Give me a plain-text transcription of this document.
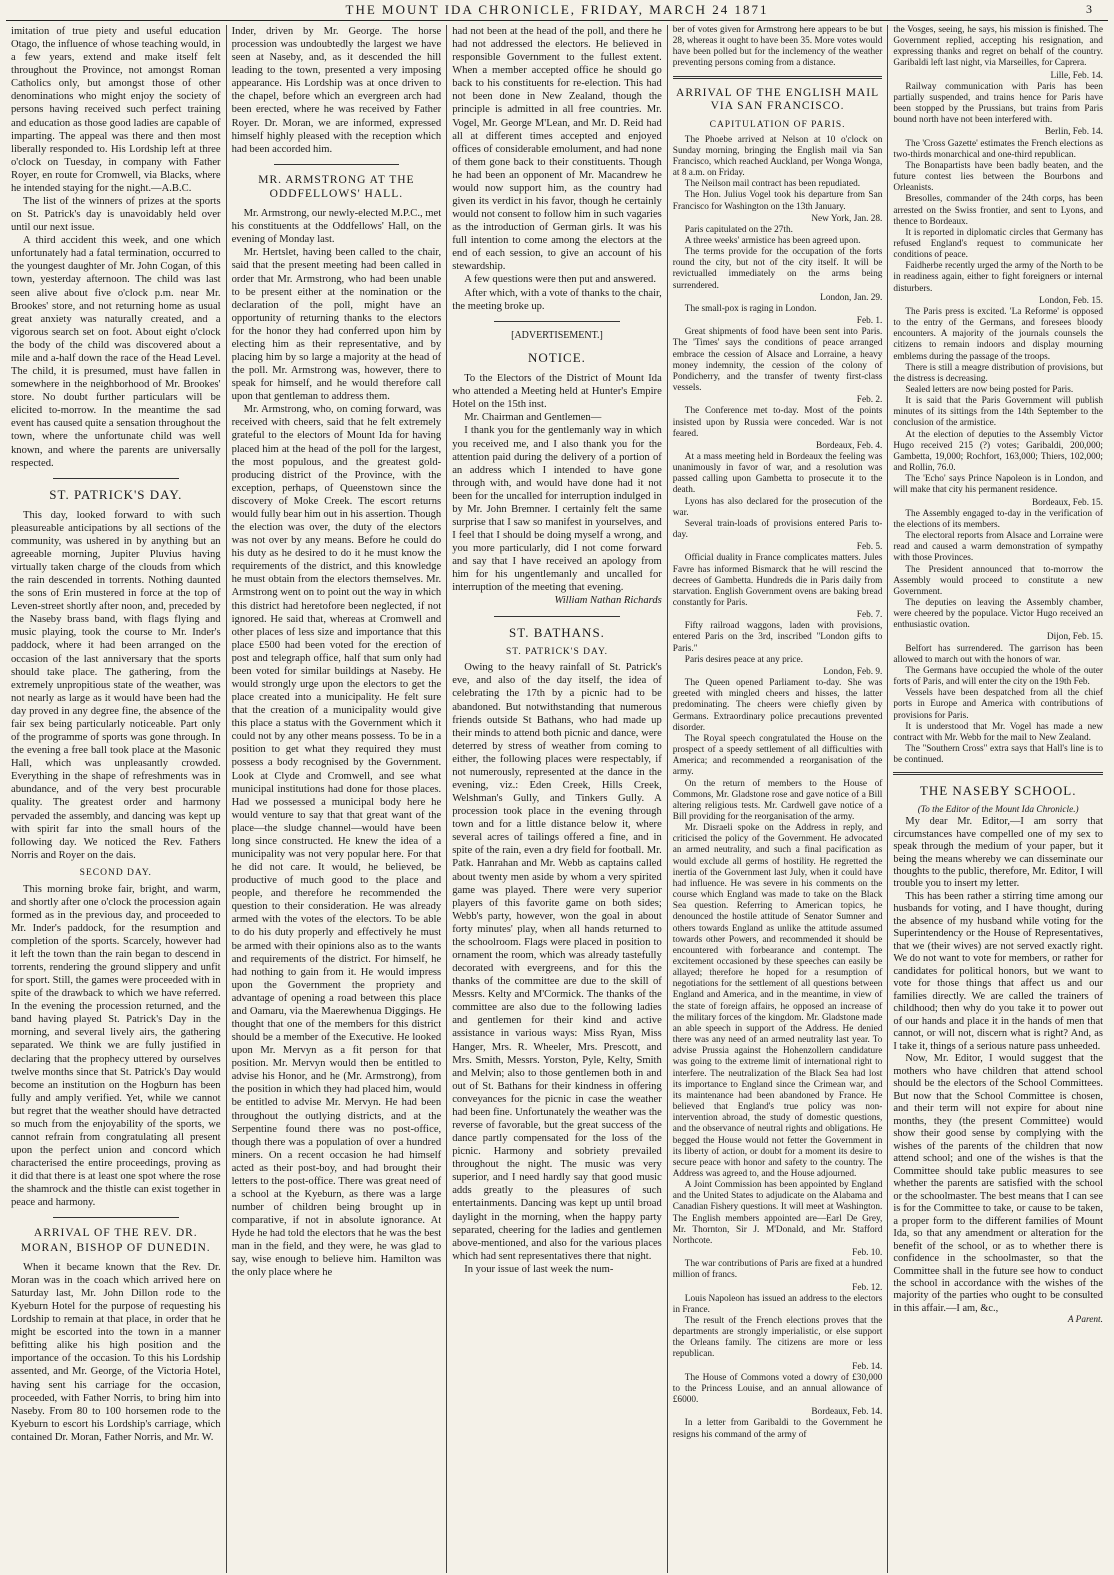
THE MOUNT IDA CHRONICLE, FRIDAY, MARCH 24 1871	3

imitation of true piety and useful education Otago, the influence of whose teaching would, in a few years, extend and make itself felt throughout the Province, not amongst Roman Catholics only, but amongst those of other denominations who might enjoy the society of persons having received such perfect training and education as those good ladies are capable of imparting. The appeal was there and then most liberally responded to. His Lordship left at three o'clock on Tuesday, in company with Father Royer, en route for Cromwell, via Blacks, where he intended staying for the night.—A.B.C.

The list of the winners of prizes at the sports on St. Patrick's day is unavoidably held over until our next issue.

A third accident this week, and one which unfortunately had a fatal termination, occurred to the youngest daughter of Mr. John Cogan, of this town, yesterday afternoon. The child was last seen alive about five o'clock p.m. near Mr. Brookes' store, and not returning home as usual great anxiety was naturally created, and a vigorous search set on foot. About eight o'clock the body of the child was discovered about a mile and a-half down the race of the Head Level. The child, it is presumed, must have fallen in somewhere in the neighborhood of Mr. Brookes' store. No doubt further particulars will be elicited to-morrow. In the meantime the sad event has caused quite a sensation throughout the town, where the unfortunate child was well known, and where the parents are universally respected.

ST. PATRICK'S DAY.

This day, looked forward to with such pleasureable anticipations by all sections of the community, was ushered in by anything but an agreeable morning, Jupiter Pluvius having virtually taken charge of the clouds from which the rain descended in torrents. Nothing daunted the sons of Erin mustered in force at the top of Leven-street shortly after noon, and, preceded by the Naseby brass band, with flags flying and music playing, took the course to Mr. Inder's paddock, where it had been arranged on the occasion of the last anniversary that the sports should take place. The gathering, from the extremely unpropitious state of the weather, was not nearly as large as it would have been had the day proved in any degree fine, the absence of the fair sex being particularly noticeable. Part only of the programme of sports was gone through. In the evening a free ball took place at the Masonic Hall, which was unpleasantly crowded. Everything in the shape of refreshments was in abundance, and of the very best procurable quality. The greatest order and harmony pervaded the assembly, and dancing was kept up with spirit far into the small hours of the following day. We noticed the Rev. Fathers Norris and Royer on the dais.

SECOND DAY.

This morning broke fair, bright, and warm, and shortly after one o'clock the procession again formed as in the previous day, and proceeded to Mr. Inder's paddock, for the resumption and completion of the sports. Scarcely, however had it left the town than the rain began to descend in torrents, rendering the ground slippery and unfit for sport. Still, the games were proceeded with in spite of the drawback to which we have referred. In the evening the procession returned, and the band having played St. Patrick's Day in the morning, and several lively airs, the gathering separated. We think we are fully justified in declaring that the prophecy uttered by ourselves twelve months since that St. Patrick's Day would become an institution on the Hogburn has been fully and amply verified. Yet, while we cannot but regret that the weather should have detracted so much from the enjoyability of the sports, we cannot refrain from congratulating all present upon the perfect union and concord which characterised the entire proceedings, proving as it did that there is at least one spot where the rose the shamrock and the thistle can exist together in peace and harmony.

ARRIVAL OF THE REV. DR. MORAN, BISHOP OF DUNEDIN.

When it became known that the Rev. Dr. Moran was in the coach which arrived here on Saturday last, Mr. John Dillon rode to the Kyeburn Hotel for the purpose of requesting his Lordship to remain at that place, in order that he might be escorted into the town in a manner befitting alike his high position and the importance of the occasion. To this his Lordship assented, and Mr. George, of the Victoria Hotel, having sent his carriage for the occasion, proceeded, with Father Norris, to bring him into Naseby. From 80 to 100 horsemen rode to the Kyeburn to escort his Lordship's carriage, which contained Dr. Moran, Father Norris, and Mr. W.

Inder, driven by Mr. George. The horse procession was undoubtedly the largest we have seen at Naseby, and, as it descended the hill leading to the town, presented a very imposing appearance. His Lordship was at once driven to the chapel, before which an evergreen arch had been erected, where he was received by Father Royer. Dr. Moran, we are informed, expressed himself highly pleased with the reception which had been accorded him.

MR. ARMSTRONG AT THE ODDFELLOWS' HALL.

Mr. Armstrong, our newly-elected M.P.C., met his constituents at the Oddfellows' Hall, on the evening of Monday last.

Mr. Hertslet, having been called to the chair, said that the present meeting had been called in order that Mr. Armstrong, who had been unable to be present either at the nomination or the declaration of the poll, might have an opportunity of returning thanks to the electors for the honor they had conferred upon him by electing him as their representative, and by placing him by so large a majority at the head of the poll. Mr. Armstrong was, however, there to speak for himself, and he would therefore call upon that gentleman to address them.

Mr. Armstrong, who, on coming forward, was received with cheers, said that he felt extremely grateful to the electors of Mount Ida for having placed him at the head of the poll for the largest, the most populous, and the greatest gold-producing district of the Province, with the exception, perhaps, of Queenstown since the discovery of Moke Creek. The escort returns would fully bear him out in his assertion. Though the election was over, the duty of the electors was not over by any means. Before he could do his duty as he desired to do it he must know the requirements of the district, and this knowledge he must obtain from the electors themselves. Mr. Armstrong went on to point out the way in which this district had heretofore been neglected, if not ignored. He said that, whereas at Cromwell and other places of less size and importance that this place £500 had been voted for the erection of post and telegraph office, half that sum only had been voted for similar buildings at Naseby. He would strongly urge upon the electors to get the place created into a municipality. He felt sure that the creation of a municipality would give this place a status with the Government which it could not by any other means possess. To be in a position to get what they required they must possess a body recognised by the Government. Look at Clyde and Cromwell, and see what municipal institutions had done for those places. Had we possessed a municipal body here he would venture to say that that great want of the place—the sludge channel—would have been long since constructed. He knew the idea of a municipality was not very popular here. For that he did not care. It would, he believed, be productive of much good to the place and people, and therefore he recommended the question to their consideration. He was already armed with the votes of the electors. To be able to do his duty properly and effectively he must be armed with their opinions also as to the wants and requirements of the district. For himself, he had nothing to gain from it. He would impress upon the Government the propriety and advantage of opening a road between this place and Oamaru, via the Maerewhenua Diggings. He thought that one of the members for this district should be a member of the Executive. He looked upon Mr. Mervyn as a fit person for that position. Mr. Mervyn would then be entitled to advise his Honor, and he (Mr. Armstrong), from the position in which they had placed him, would be entitled to advise Mr. Mervyn. He had been throughout the outlying districts, and at the Serpentine found there was no post-office, though there was a population of over a hundred miners. On a recent occasion he had himself acted as their post-boy, and had brought their letters to the post-office. There was great need of a school at the Kyeburn, as there was a large number of children being brought up in comparative, if not in absolute ignorance. At Hyde he had told the electors that he was the best man in the field, and they were, he was glad to say, wise enough to believe him. Hamilton was the only place where he

had not been at the head of the poll, and there he had not addressed the electors. He believed in responsible Government to the fullest extent. When a member accepted office he should go back to his constituents for re-election. This had not been done in New Zealand, though the principle is admitted in all free countries. Mr. Vogel, Mr. George M'Lean, and Mr. D. Reid had all at different times accepted and enjoyed offices of considerable emolument, and had none of them gone back to their constituents. Though he had been an opponent of Mr. Macandrew he would now support him, as the country had given its verdict in his favor, though he certainly would not consent to follow him in such vagaries as the introduction of German girls. It was his full intention to come among the electors at the end of each session, to give an account of his stewardship.

A few questions were then put and answered.

After which, with a vote of thanks to the chair, the meeting broke up.

[ADVERTISEMENT.]
NOTICE.

To the Electors of the District of Mount Ida who attended a Meeting held at Hunter's Empire Hotel on the 15th inst.

Mr. Chairman and Gentlemen—

I thank you for the gentlemanly way in which you received me, and I also thank you for the attention paid during the delivery of a portion of an address which I intended to have gone through with, and would have done had it not been for the uncalled for interruption indulged in by Mr. John Bremner. I certainly felt the same surprise that I saw so manifest in yourselves, and I feel that I should be doing myself a wrong, and you more particularly, did I not come forward and say that I have received an apology from him for his ungentlemanly and uncalled for interruption of the meeting that evening.

William Nathan Richards

ST. BATHANS.
ST. PATRICK'S DAY.

Owing to the heavy rainfall of St. Patrick's eve, and also of the day itself, the idea of celebrating the 17th by a picnic had to be abandoned. But notwithstanding that numerous friends outside St Bathans, who had made up their minds to attend both picnic and dance, were deterred by stress of weather from coming to either, the following places were respectably, if not numerously, represented at the dance in the evening, viz.: Eden Creek, Hills Creek, Welshman's Gully, and Tinkers Gully. A procession took place in the evening through town and for a little distance below it, where several acres of tailings offered a fine, and in spite of the rain, even a dry field for football. Mr. Patk. Hanrahan and Mr. Webb as captains called about twenty men aside by whom a very spirited game was played. There were very superior players of this favorite game on both sides; Webb's party, however, won the goal in about forty minutes' play, when all hands returned to the schoolroom. Flags were placed in position to ornament the room, which was already tastefully decorated with evergreens, and for this the thanks of the committee are due to the skill of Messrs. Kelty and M'Cormick. The thanks of the committee are also due to the following ladies and gentlemen for their kind and active assistance in various ways: Miss Ryan, Miss Hanger, Mrs. R. Wheeler, Mrs. Prescott, and Mrs. Smith, Messrs. Yorston, Pyle, Kelty, Smith and Melvin; also to those gentlemen both in and out of St. Bathans for their kindness in offering conveyances for the picnic in case the weather had been fine. Unfortunately the weather was the reverse of favorable, but the great success of the dance partly compensated for the loss of the picnic. Harmony and sobriety prevailed throughout the night. The music was very superior, and I need hardly say that good music adds greatly to the pleasures of such entertainments. Dancing was kept up until broad daylight in the morning, when the happy party separated, cheering for the ladies and gentlemen above-mentioned, and also for the various places which had sent representatives there that night.

In your issue of last week the num-

ber of votes given for Armstrong here appears to be but 28, whereas it ought to have been 35. More votes would have been polled but for the inclemency of the weather preventing persons coming from a distance.

ARRIVAL OF THE ENGLISH MAIL VIA SAN FRANCISCO.
CAPITULATION OF PARIS.

The Phoebe arrived at Nelson at 10 o'clock on Sunday morning, bringing the English mail via San Francisco, which reached Auckland, per Wonga Wonga, at 8 a.m. on Friday.

The Neilson mail contract has been repudiated.

The Hon. Julius Vogel took his departure from San Francisco for Washington on the 13th January.

New York, Jan. 28.

Paris capitulated on the 27th.

A three weeks' armistice has been agreed upon.

The terms provide for the occupation of the forts round the city, but not of the city itself. It will be revictualled immediately on the arms being surrendered.

London, Jan. 29.

The small-pox is raging in London.

Feb. 1.

Great shipments of food have been sent into Paris. The 'Times' says the conditions of peace arranged embrace the cession of Alsace and Lorraine, a heavy money indemnity, the cession of the colony of Pondicherry, and the transfer of twenty first-class vessels.

Feb. 2.

The Conference met to-day. Most of the points insisted upon by Russia were conceded. War is not feared.

Bordeaux, Feb. 4.

At a mass meeting held in Bordeaux the feeling was unanimously in favor of war, and a resolution was passed calling upon Gambetta to prosecute it to the death.

Lyons has also declared for the prosecution of the war.

Several train-loads of provisions entered Paris to-day.

Feb. 5.

Official duality in France complicates matters. Jules Favre has informed Bismarck that he will rescind the decrees of Gambetta. Hundreds die in Paris daily from starvation. English Government ovens are baking bread constantly for Paris.

Feb. 7.

Fifty railroad waggons, laden with provisions, entered Paris on the 3rd, inscribed "London gifts to Paris."

Paris desires peace at any price.

London, Feb. 9.

The Queen opened Parliament to-day. She was greeted with mingled cheers and hisses, the latter predominating. The cheers were chiefly given by Germans. Extraordinary police precautions prevented disorder.

The Royal speech congratulated the House on the prospect of a speedy settlement of all difficulties with America; and recommended a reorganisation of the army.

On the return of members to the House of Commons, Mr. Gladstone rose and gave notice of a Bill altering religious tests. Mr. Cardwell gave notice of a Bill providing for the reorganisation of the army.

Mr. Disraeli spoke on the Address in reply, and criticised the policy of the Government. He advocated an armed neutrality, and such a final pacification as would exclude all germs of hostility. He regretted the inertia of the Government last July, when it could have had influence. He was severe in his comments on the course which England was made to take on the Black Sea question. Referring to American topics, he denounced the hostile attitude of Senator Sumner and others towards England as unlike the attitude assumed towards other Powers, and recommended it should be encountered with forbearance and contempt. The excitement occasioned by these speeches can easily be allayed; therefore he hoped for a resumption of negotiations for the settlement of all questions between England and America, and in the meantime, in view of the state of foreign affairs, he opposed an increase of the military forces of the kingdom. Mr. Gladstone made an able speech in support of the Address. He denied there was any need of an armed neutrality last year. To advise Prussia against the Hohenzollern candidature was going to the extreme limit of international right to interfere. The neutralization of the Black Sea had lost its importance to England since the Crimean war, and its maintenance had been abandoned by France. He believed that England's true policy was non-intervention abroad, the study of domestic questions, and the observance of neutral rights and obligations. He begged the House would not fetter the Government in its liberty of action, or doubt for a moment its desire to secure peace with honor and safety to the country. The Address was agreed to, and the House adjourned.

A Joint Commission has been appointed by England and the United States to adjudicate on the Alabama and Canadian Fishery questions. It will meet at Washington. The English members appointed are—Earl De Grey, Mr. Thornton, Sir J. M'Donald, and Mr. Stafford Northcote.

Feb. 10.

The war contributions of Paris are fixed at a hundred million of francs.

Feb. 12.

Louis Napoleon has issued an address to the electors in France.

The result of the French elections proves that the departments are strongly imperialistic, or else support the Orleans family. The citizens are more or less republican.

Feb. 14.

The House of Commons voted a dowry of £30,000 to the Princess Louise, and an annual allowance of £6000.

Bordeaux, Feb. 14.

In a letter from Garibaldi to the Government he resigns his command of the army of

the Vosges, seeing, he says, his mission is finished. The Government replied, accepting his resignation, and expressing thanks and regret on behalf of the country. Garibaldi left last night, via Marseilles, for Caprera.

Lille, Feb. 14.

Railway communication with Paris has been partially suspended, and trains hence for Paris have been stopped by the Prussians, but trains from Paris bound north have not been interfered with.

Berlin, Feb. 14.

The 'Cross Gazette' estimates the French elections as two-thirds monarchical and one-third republican.

The Bonapartists have been badly beaten, and the future contest lies between the Bourbons and Orleanists.

Bresolles, commander of the 24th corps, has been arrested on the Swiss frontier, and sent to Lyons, and thence to Bordeaux.

It is reported in diplomatic circles that Germany has refused England's request to communicate her conditions of peace.

Faidherbe recently urged the army of the North to be in readiness again, either to fight foreigners or internal disturbers.

London, Feb. 15.

The Paris press is excited. 'La Reforme' is opposed to the entry of the Germans, and foresees bloody encounters. A majority of the journals counsels the citizens to remain indoors and display mourning emblems during the passage of the troops.

There is still a meagre distribution of provisions, but the distress is decreasing.

Sealed letters are now being posted for Paris.

It is said that the Paris Government will publish minutes of its sittings from the 14th September to the conclusion of the armistice.

At the election of deputies to the Assembly Victor Hugo received 215 (?) votes; Garibaldi, 200,000; Gambetta, 19,000; Rochfort, 163,000; Thiers, 102,000; and Rollin, 76.0.

The 'Echo' says Prince Napoleon is in London, and will make that city his permanent residence.

Bordeaux, Feb. 15.

The Assembly engaged to-day in the verification of the elections of its members.

The electoral reports from Alsace and Lorraine were read and caused a warm demonstration of sympathy with those Provinces.

The President announced that to-morrow the Assembly would proceed to constitute a new Government.

The deputies on leaving the Assembly chamber, were cheered by the populace. Victor Hugo received an enthusiastic ovation.

Dijon, Feb. 15.

Belfort has surrendered. The garrison has been allowed to march out with the honors of war.

The Germans have occupied the whole of the outer forts of Paris, and will enter the city on the 19th Feb.

Vessels have been despatched from all the chief ports in Europe and America with contributions of provisions for Paris.

It is understood that Mr. Vogel has made a new contract with Mr. Webb for the mail to New Zealand.

The "Southern Cross" extra says that Hall's line is to be continued.

THE NASEBY SCHOOL.

(To the Editor of the Mount Ida Chronicle.)

My dear Mr. Editor,—I am sorry that circumstances have compelled one of my sex to speak through the medium of your paper, but it being the means whereby we can disseminate our thoughts to the public, therefore, Mr. Editor, I will trouble you to insert my letter.

This has been rather a stirring time among our husbands for voting, and I have thought, during the absence of my husband while voting for the Superintendency or the House of Representatives, that we (their wives) are not served exactly right. We do not want to vote for members, or rather for candidates for political honors, but we want to vote for those things that affect us and our families directly. We are called the trainers of childhood; then why do you take it to power out of our hands and place it in the hands of men that cannot, or will not, discern what is right? And, as I take it, things of a serious nature pass unheeded.

Now, Mr. Editor, I would suggest that the mothers who have children that attend school should be the electors of the School Committees. But now that the School Committee is chosen, and their term will not expire for about nine months, they (the present Committee) would show their good sense by complying with the wishes of the parents of the children that now attend school; and one of the wishes is that the Committee should take public measures to see whether the parents are satisfied with the school or the schoolmaster. The best means that I can see is for the Committee to take, or cause to be taken, a proper form to the different families of Mount Ida, so that any amendment or alteration for the benefit of the school, or as to whether there is confidence in the schoolmaster, so that the Committee shall in the future see how to conduct the school in accordance with the wishes of the majority of the parties who ought to be consulted in this affair.—I am, &c.,

A Parent.
